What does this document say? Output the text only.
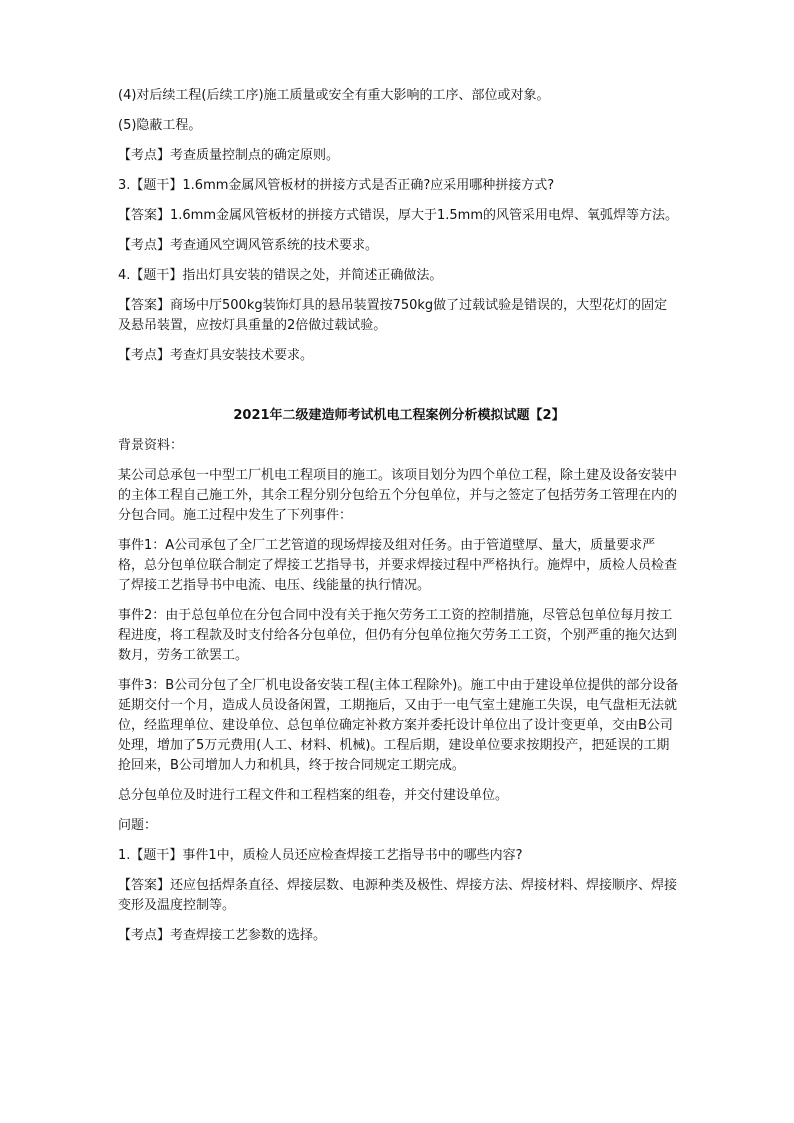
(4)对后续工程(后续工序)施工质量或安全有重大影响的工序、部位或对象。

(5)隐蔽工程。

【考点】考查质量控制点的确定原则。

3.【题干】1.6mm金属风管板材的拼接方式是否正确?应采用哪种拼接方式?

【答案】1.6mm金属风管板材的拼接方式错误，厚大于1.5mm的风管采用电焊、氧弧焊等方法。

【考点】考查通风空调风管系统的技术要求。

4.【题干】指出灯具安装的错误之处，并简述正确做法。

【答案】商场中厅500kg装饰灯具的悬吊装置按750kg做了过载试验是错误的，大型花灯的固定及悬吊装置，应按灯具重量的2倍做过载试验。

【考点】考查灯具安装技术要求。

2021年二级建造师考试机电工程案例分析模拟试题【2】

背景资料：

某公司总承包一中型工厂机电工程项目的施工。该项目划分为四个单位工程，除土建及设备安装中的主体工程自己施工外，其余工程分别分包给五个分包单位，并与之签定了包括劳务工管理在内的分包合同。施工过程中发生了下列事件：

事件1：A公司承包了全厂工艺管道的现场焊接及组对任务。由于管道壁厚、量大，质量要求严格，总分包单位联合制定了焊接工艺指导书，并要求焊接过程中严格执行。施焊中，质检人员检查了焊接工艺指导书中电流、电压、线能量的执行情况。

事件2：由于总包单位在分包合同中没有关于拖欠劳务工工资的控制措施，尽管总包单位每月按工程进度，将工程款及时支付给各分包单位，但仍有分包单位拖欠劳务工工资，个别严重的拖欠达到数月，劳务工欲罢工。

事件3：B公司分包了全厂机电设备安装工程(主体工程除外)。施工中由于建设单位提供的部分设备延期交付一个月，造成人员设备闲置，工期拖后，又由于一电气室土建施工失误，电气盘柜无法就位，经监理单位、建设单位、总包单位确定补救方案并委托设计单位出了设计变更单，交由B公司处理，增加了5万元费用(人工、材料、机械)。工程后期，建设单位要求按期投产，把延误的工期抢回来，B公司增加人力和机具，终于按合同规定工期完成。

总分包单位及时进行工程文件和工程档案的组卷，并交付建设单位。

问题：

1.【题干】事件1中，质检人员还应检查焊接工艺指导书中的哪些内容?

【答案】还应包括焊条直径、焊接层数、电源种类及极性、焊接方法、焊接材料、焊接顺序、焊接变形及温度控制等。

【考点】考查焊接工艺参数的选择。
